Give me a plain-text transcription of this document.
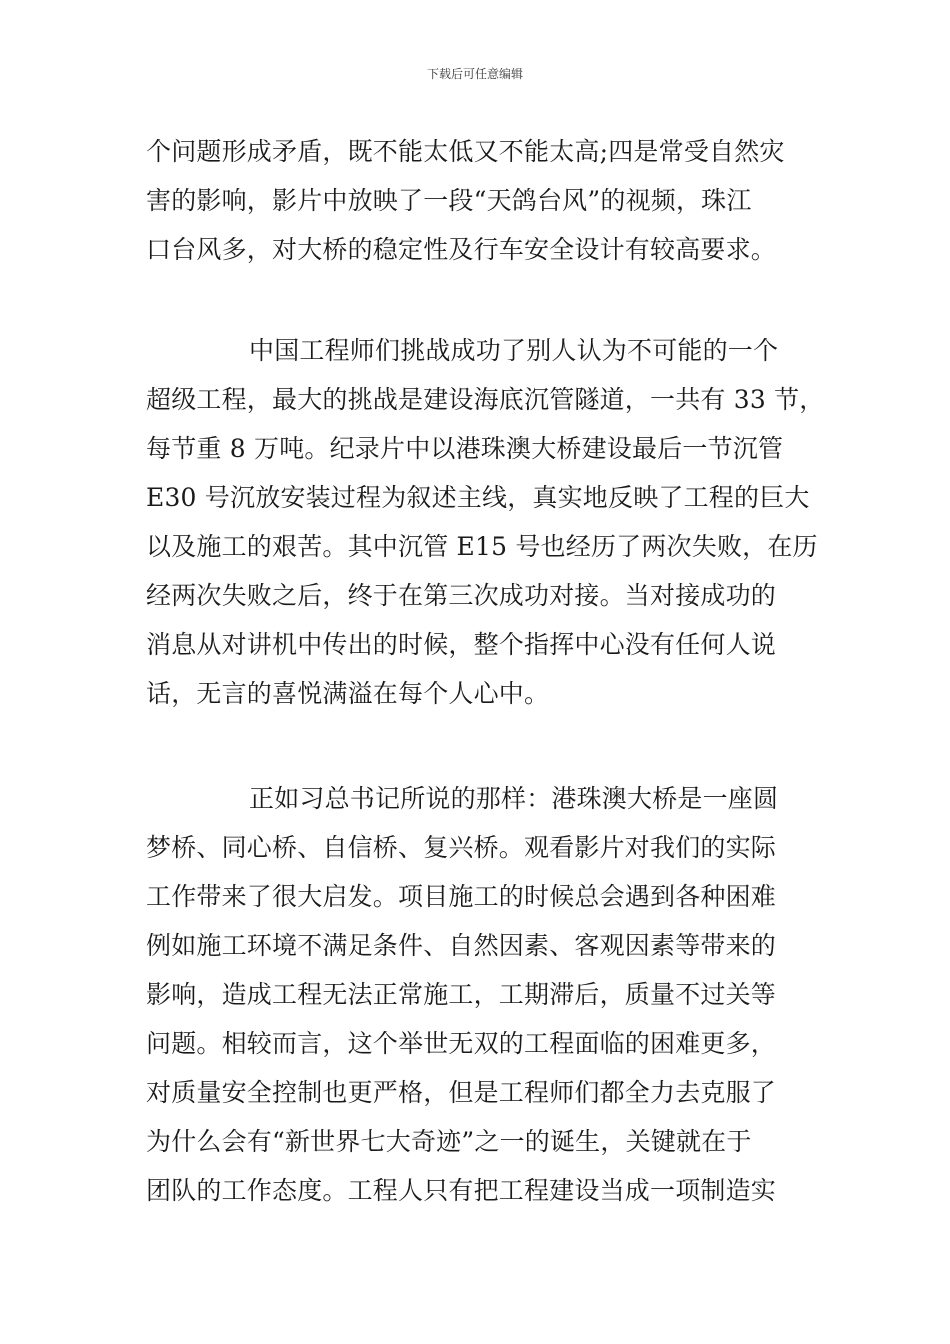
下载后可任意编辑
个问题形成矛盾，既不能太低又不能太高;四是常受自然灾
害的影响，影片中放映了一段“天鸽台风”的视频，珠江
口台风多，对大桥的稳定性及行车安全设计有较高要求。
中国工程师们挑战成功了别人认为不可能的一个
超级工程，最大的挑战是建设海底沉管隧道，一共有 33 节，
每节重 8 万吨。纪录片中以港珠澳大桥建设最后一节沉管
E30 号沉放安装过程为叙述主线，真实地反映了工程的巨大
以及施工的艰苦。其中沉管 E15 号也经历了两次失败，在历
经两次失败之后，终于在第三次成功对接。当对接成功的
消息从对讲机中传出的时候，整个指挥中心没有任何人说
话，无言的喜悦满溢在每个人心中。
正如习总书记所说的那样：港珠澳大桥是一座圆
梦桥、同心桥、自信桥、复兴桥。观看影片对我们的实际
工作带来了很大启发。项目施工的时候总会遇到各种困难
例如施工环境不满足条件、自然因素、客观因素等带来的
影响，造成工程无法正常施工，工期滞后，质量不过关等
问题。相较而言，这个举世无双的工程面临的困难更多，
对质量安全控制也更严格，但是工程师们都全力去克服了
为什么会有“新世界七大奇迹”之一的诞生，关键就在于
团队的工作态度。工程人只有把工程建设当成一项制造实
